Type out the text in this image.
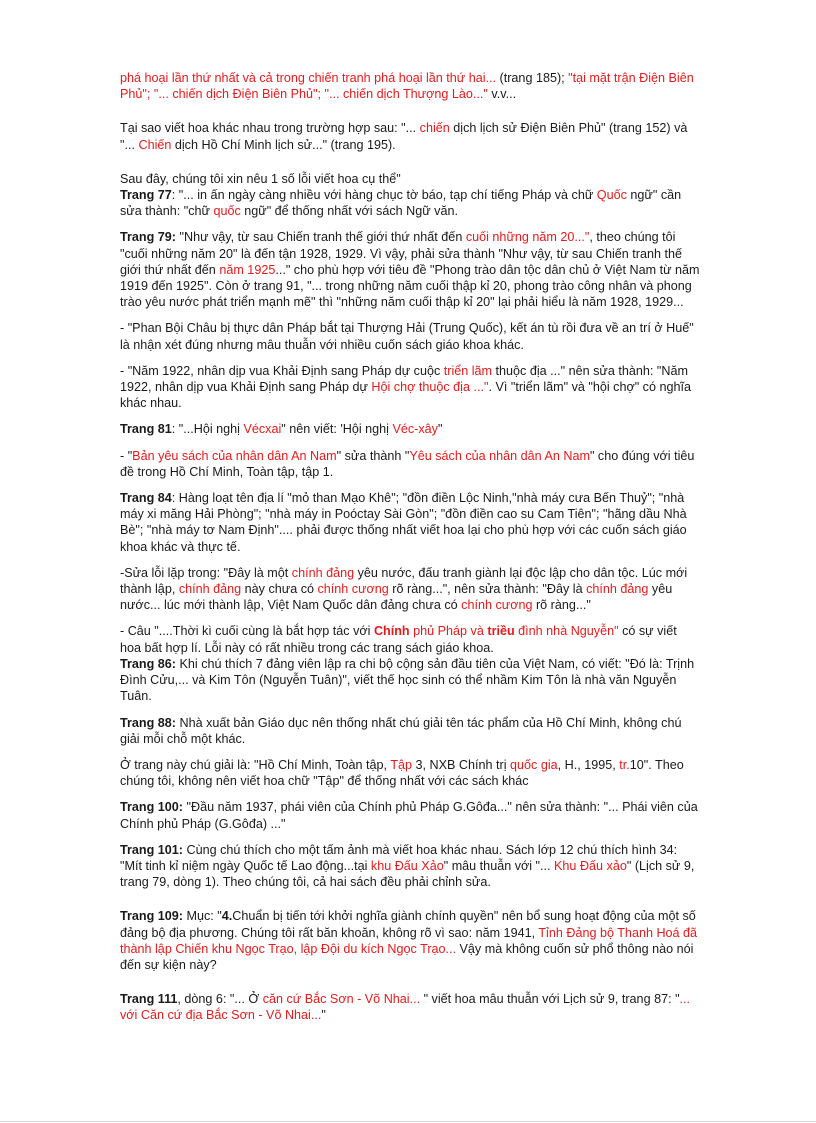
phá hoại lần thứ nhất và cả trong chiến tranh phá hoại lần thứ hai... (trang 185); "tại mặt trận Điện Biên Phủ"; "... chiến dịch Điện Biên Phủ"; "... chiến dịch Thượng Lào..." v.v...

Tại sao viết hoa khác nhau trong trường hợp sau: "... chiến dịch lịch sử Điện Biên Phủ" (trang 152) và "... Chiến dịch Hồ Chí Minh lịch sử..." (trang 195).

Sau đây, chúng tôi xin nêu 1 số lỗi viết hoa cụ thể"

Trang 77: "... in ấn ngày càng nhiều với hàng chục tờ báo, tạp chí tiếng Pháp và chữ Quốc ngữ" cần sửa thành: "chữ quốc ngữ" để thống nhất với sách Ngữ văn.

Trang 79: "Như vậy, từ sau Chiến tranh thế giới thứ nhất đến cuối những năm 20...", theo chúng tôi "cuối những năm 20" là đến tận 1928, 1929. Vì vậy, phải sửa thành "Như vậy, từ sau Chiến tranh thế giới thứ nhất đến năm 1925..." cho phù hợp với tiêu đề "Phong trào dân tộc dân chủ ở Việt Nam từ năm 1919 đến 1925". Còn ở trang 91, "... trong những năm cuối thập kỉ 20, phong trào công nhân và phong trào yêu nước phát triển mạnh mẽ" thì "những năm cuối thập kỉ 20" lại phải hiểu là năm 1928, 1929...

- "Phan Bội Châu bị thực dân Pháp bắt tại Thượng Hải (Trung Quốc), kết án tù rồi đưa về an trí ở Huế" là nhận xét đúng nhưng mâu thuẫn với nhiều cuốn sách giáo khoa khác.

- "Năm 1922, nhân dịp vua Khải Định sang Pháp dự cuộc triển lãm thuộc địa ..." nên sửa thành: "Năm 1922, nhân dịp vua Khải Định sang Pháp dự Hội chợ thuộc địa ...". Vì "triển lãm" và "hội chợ" có nghĩa khác nhau.

Trang 81: "...Hội nghị Vécxai" nên viết: 'Hội nghị Véc-xây"

- "Bản yêu sách của nhân dân An Nam" sửa thành "Yêu sách của nhân dân An Nam" cho đúng với tiêu đề trong Hồ Chí Minh, Toàn tập, tập 1.

Trang 84: Hàng loạt tên địa lí "mỏ than Mạo Khê"; "đồn điền Lộc Ninh,"nhà máy cưa Bến Thuỷ"; "nhà máy xi măng Hải Phòng"; "nhà máy in Poóctay Sài Gòn"; "đồn điền cao su Cam Tiên"; "hãng dầu Nhà Bè"; "nhà máy tơ Nam Định".... phải được thống nhất viết hoa lại cho phù hợp với các cuốn sách giáo khoa khác và thực tế.

-Sửa lỗi lặp trong: "Đây là một chính đảng yêu nước, đấu tranh giành lại độc lập cho dân tộc. Lúc mới thành lập, chính đảng này chưa có chính cương rõ ràng...", nên sửa thành: "Đây là chính đảng yêu nước... lúc mới thành lập, Việt Nam Quốc dân đảng chưa có chính cương rõ ràng..."

- Câu "....Thời kì cuối cùng là bắt hợp tác với Chính phủ Pháp và triều đình nhà Nguyễn" có sự viết hoa bất hợp lí. Lỗi này có rất nhiều trong các trang sách giáo khoa.

Trang 86: Khi chú thích 7 đảng viên lập ra chi bộ cộng sản đầu tiên của Việt Nam, có viết: "Đó là: Trịnh Đình Cửu,... và Kim Tôn (Nguyễn Tuân)", viết thế học sinh có thể nhầm Kim Tôn là nhà văn Nguyễn Tuân.

Trang 88: Nhà xuất bản Giáo dục nên thống nhất chú giải tên tác phẩm của Hồ Chí Minh, không chú giải mỗi chỗ một khác.

Ở trang này chú giải là: "Hồ Chí Minh, Toàn tập, Tập 3, NXB Chính trị quốc gia, H., 1995, tr.10". Theo chúng tôi, không nên viết hoa chữ "Tập" để thống nhất với các sách khác

Trang 100: "Đầu năm 1937, phái viên của Chính phủ Pháp G.Gôđa..." nên sửa thành: "... Phái viên của Chính phủ Pháp (G.Gôđa) ..."

Trang 101: Cùng chú thích cho một tấm ảnh mà viết hoa khác nhau. Sách lớp 12 chú thích hình 34: "Mít tinh kỉ niệm ngày Quốc tế Lao động...tại khu Đấu Xảo" mâu thuẫn với "... Khu Đấu xảo" (Lịch sử 9, trang 79, dòng 1). Theo chúng tôi, cả hai sách đều phải chỉnh sửa.

Trang 109: Mục: "4.Chuẩn bị tiến tới khởi nghĩa giành chính quyền" nên bổ sung hoạt động của một số đảng bộ địa phương. Chúng tôi rất băn khoăn, không rõ vì sao: năm 1941, Tỉnh Đảng bộ Thanh Hoá đã thành lập Chiến khu Ngọc Trạo, lập Đội du kích Ngọc Trạo... Vậy mà không cuốn sử phổ thông nào nói đến sự kiện này?

Trang 111, dòng 6: "... Ở căn cứ Bắc Sơn - Võ Nhai... " viết hoa mâu thuẫn với Lịch sử 9, trang 87: "... với Căn cứ địa Bắc Sơn - Võ Nhai..."
